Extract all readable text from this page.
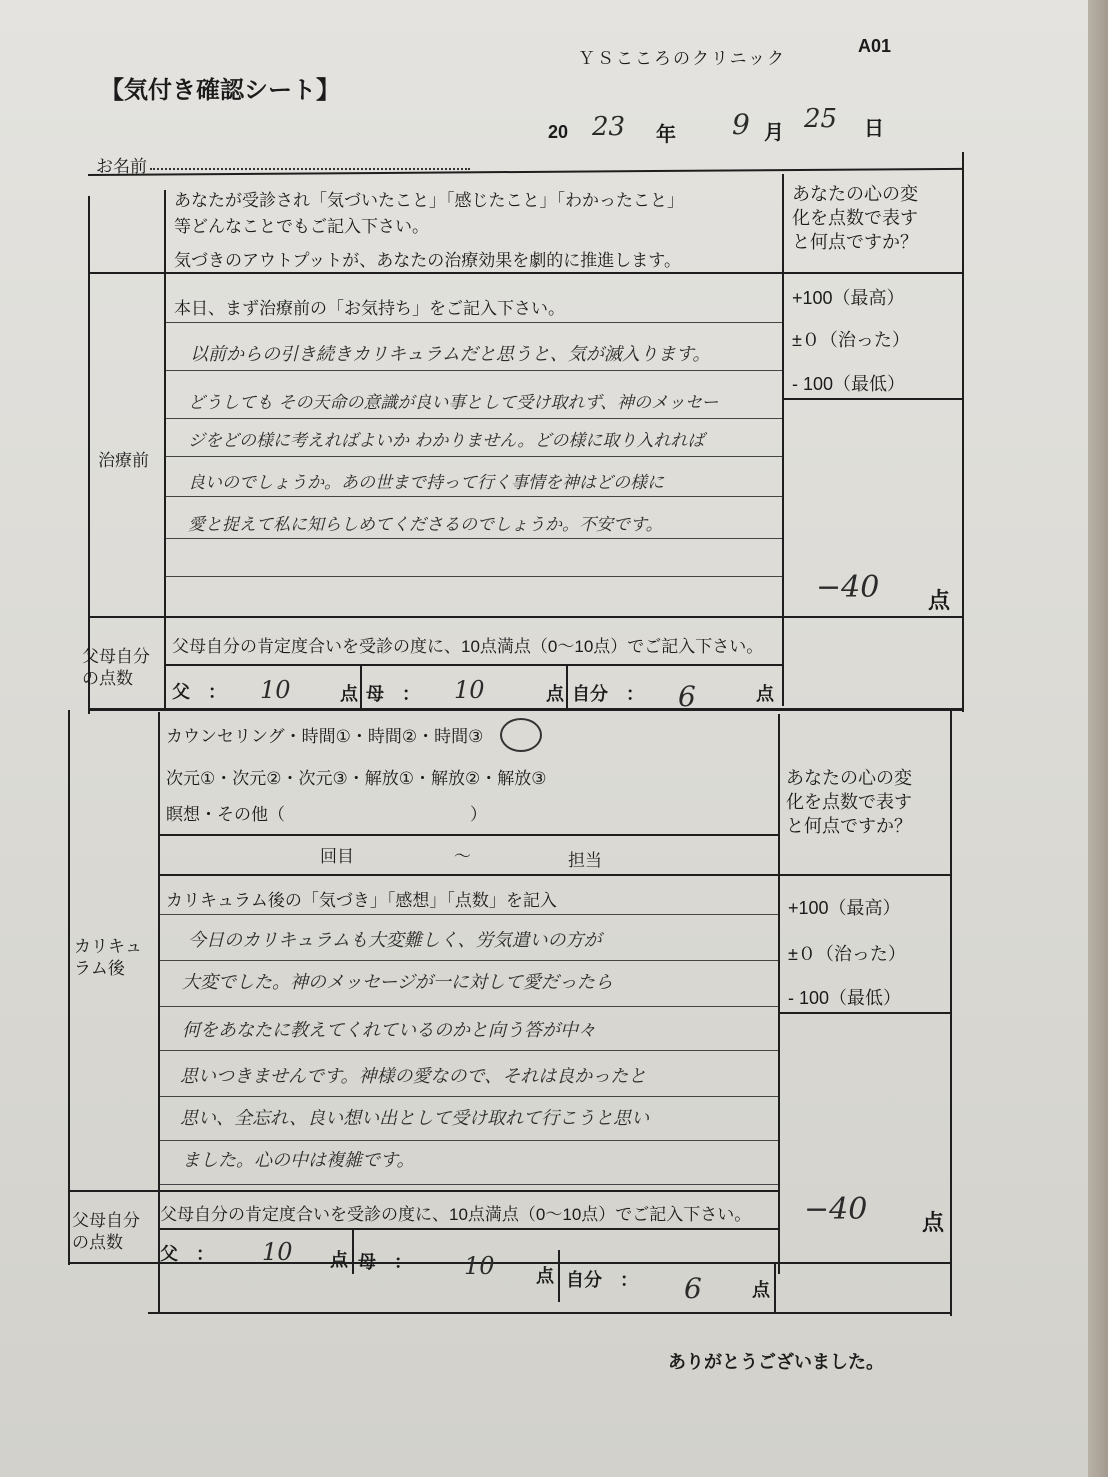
ＹＳこころのクリニック
A01
【気付き確認シート】
20 23 年 9 月 25 日
お名前
あなたが受診され「気づいたこと」「感じたこと」「わかったこと」
等どんなことでもご記入下さい。
気づきのアウトプットが、あなたの治療効果を劇的に推進します。
あなたの心の変
化を点数で表す
と何点ですか？
治療前
本日、まず治療前の「お気持ち」をご記入下さい。
以前からの引き続きカリキュラムだと思うと、気が滅入ります。
どうしても その天命の意識が良い事として受け取れず、神のメッセー
ジをどの様に考えればよいか わかりません。どの様に取り入れれば
良いのでしょうか。あの世まで持って行く事情を神はどの様に
愛と捉えて私に知らしめてくださるのでしょうか。不安です。
+100（最高）
±０（治った）
- 100（最低）
−40 点
父母自分
の点数
父母自分の肯定度合いを受診の度に、10点満点（0〜10点）でご記入下さい。
父　： 10	点 母　： 10	点 自分　： 6	点
カリキュ
ラム後
カウンセリング・時間①・時間②・時間③
次元①・次元②・次元③・解放①・解放②・解放③
瞑想・その他（	）
回目	〜	担当
あなたの心の変
化を点数で表す
と何点ですか？
カリキュラム後の「気づき」「感想」「点数」を記入
今日のカリキュラムも大変難しく、労気遣いの方が
大変でした。神のメッセージが一に対して愛だったら
何をあなたに教えてくれているのかと向う答が中々
思いつきませんです。神様の愛なので、それは良かったと
思い、全忘れ、良い想い出として受け取れて行こうと思い
ました。心の中は複雑です。
+100（最高）
±０（治った）
- 100（最低）
−40 点
父母自分
の点数
父母自分の肯定度合いを受診の度に、10点満点（0〜10点）でご記入下さい。
父　： 10 点 母　： 10 点 自分　： 6	点
ありがとうございました。
